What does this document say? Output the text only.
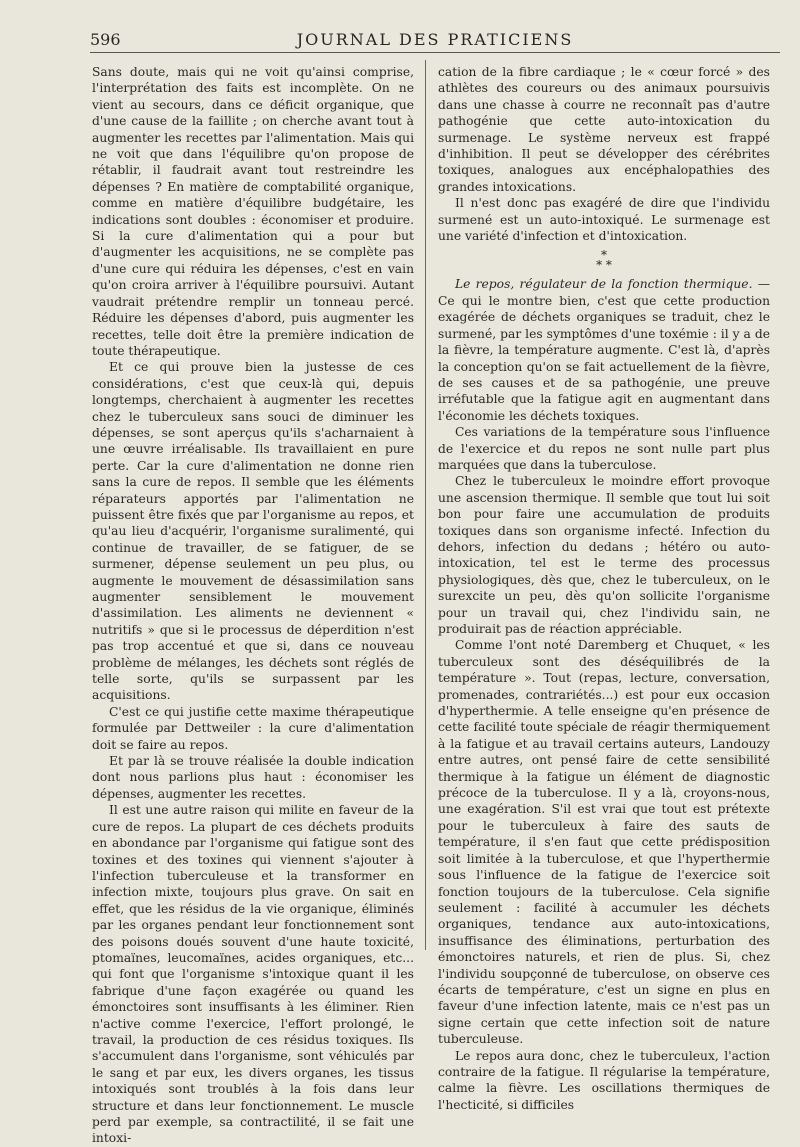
596	JOURNAL DES PRATICIENS

Sans doute, mais qui ne voit qu'ainsi comprise, l'interprétation des faits est incomplète. On ne vient au secours, dans ce déficit organique, que d'une cause de la faillite ; on cherche avant tout à augmenter les recettes par l'alimentation. Mais qui ne voit que dans l'équilibre qu'on propose de rétablir, il faudrait avant tout restreindre les dépenses ? En matière de comptabilité organique, comme en matière d'équilibre budgétaire, les indications sont doubles : économiser et produire. Si la cure d'alimentation qui a pour but d'augmenter les acquisitions, ne se complète pas d'une cure qui réduira les dépenses, c'est en vain qu'on croira arriver à l'équilibre poursuivi. Autant vaudrait prétendre remplir un tonneau percé. Réduire les dépenses d'abord, puis augmenter les recettes, telle doit être la première indication de toute thérapeutique.

Et ce qui prouve bien la justesse de ces considérations, c'est que ceux-là qui, depuis longtemps, cherchaient à augmenter les recettes chez le tuberculeux sans souci de diminuer les dépenses, se sont aperçus qu'ils s'acharnaient à une œuvre irréalisable. Ils travaillaient en pure perte. Car la cure d'alimentation ne donne rien sans la cure de repos. Il semble que les éléments réparateurs apportés par l'alimentation ne puissent être fixés que par l'organisme au repos, et qu'au lieu d'acquérir, l'organisme suralimenté, qui continue de travailler, de se fatiguer, de se surmener, dépense seulement un peu plus, ou augmente le mouvement de désassimilation sans augmenter sensiblement le mouvement d'assimilation. Les aliments ne deviennent « nutritifs » que si le processus de déperdition n'est pas trop accentué et que si, dans ce nouveau problème de mélanges, les déchets sont réglés de telle sorte, qu'ils se surpassent par les acquisitions.

C'est ce qui justifie cette maxime thérapeutique formulée par Dettweiler : la cure d'alimentation doit se faire au repos.

Et par là se trouve réalisée la double indication dont nous parlions plus haut : économiser les dépenses, augmenter les recettes.

Il est une autre raison qui milite en faveur de la cure de repos. La plupart de ces déchets produits en abondance par l'organisme qui fatigue sont des toxines et des toxines qui viennent s'ajouter à l'infection tuberculeuse et la transformer en infection mixte, toujours plus grave. On sait en effet, que les résidus de la vie organique, éliminés par les organes pendant leur fonctionnement sont des poisons doués souvent d'une haute toxicité, ptomaïnes, leucomaïnes, acides organiques, etc... qui font que l'organisme s'intoxique quant il les fabrique d'une façon exagérée ou quand les émonctoires sont insuffisants à les éliminer. Rien n'active comme l'exercice, l'effort prolongé, le travail, la production de ces résidus toxiques. Ils s'accumulent dans l'organisme, sont véhiculés par le sang et par eux, les divers organes, les tissus intoxiqués sont troublés à la fois dans leur structure et dans leur fonctionnement. Le muscle perd par exemple, sa contractilité, il se fait une intoxi-

cation de la fibre cardiaque ; le « cœur forcé » des athlètes des coureurs ou des animaux poursuivis dans une chasse à courre ne reconnaît pas d'autre pathogénie que cette auto-intoxication du surmenage. Le système nerveux est frappé d'inhibition. Il peut se développer des cérébrites toxiques, analogues aux encéphalopathies des grandes intoxications.

Il n'est donc pas exagéré de dire que l'individu surmené est un auto-intoxiqué. Le surmenage est une variété d'infection et d'intoxication.

*
* *

Le repos, régulateur de la fonction thermique. — Ce qui le montre bien, c'est que cette production exagérée de déchets organiques se traduit, chez le surmené, par les symptômes d'une toxémie : il y a de la fièvre, la température augmente. C'est là, d'après la conception qu'on se fait actuellement de la fièvre, de ses causes et de sa pathogénie, une preuve irréfutable que la fatigue agit en augmentant dans l'économie les déchets toxiques.

Ces variations de la température sous l'influence de l'exercice et du repos ne sont nulle part plus marquées que dans la tuberculose.

Chez le tuberculeux le moindre effort provoque une ascension thermique. Il semble que tout lui soit bon pour faire une accumulation de produits toxiques dans son organisme infecté. Infection du dehors, infection du dedans ; hétéro ou auto-intoxication, tel est le terme des processus physiologiques, dès que, chez le tuberculeux, on le surexcite un peu, dès qu'on sollicite l'organisme pour un travail qui, chez l'individu sain, ne produirait pas de réaction appréciable.

Comme l'ont noté Daremberg et Chuquet, « les tuberculeux sont des déséquilibrés de la température ». Tout (repas, lecture, conversation, promenades, contrariétés...) est pour eux occasion d'hyperthermie. A telle enseigne qu'en présence de cette facilité toute spéciale de réagir thermiquement à la fatigue et au travail certains auteurs, Landouzy entre autres, ont pensé faire de cette sensibilité thermique à la fatigue un élément de diagnostic précoce de la tuberculose. Il y a là, croyons-nous, une exagération. S'il est vrai que tout est prétexte pour le tuberculeux à faire des sauts de température, il s'en faut que cette prédisposition soit limitée à la tuberculose, et que l'hyperthermie sous l'influence de la fatigue de l'exercice soit fonction toujours de la tuberculose. Cela signifie seulement : facilité à accumuler les déchets organiques, tendance aux auto-intoxications, insuffisance des éliminations, perturbation des émonctoires naturels, et rien de plus. Si, chez l'individu soupçonné de tuberculose, on observe ces écarts de température, c'est un signe en plus en faveur d'une infection latente, mais ce n'est pas un signe certain que cette infection soit de nature tuberculeuse.

Le repos aura donc, chez le tuberculeux, l'action contraire de la fatigue. Il régularise la température, calme la fièvre. Les oscillations thermiques de l'hecticité, si difficiles
